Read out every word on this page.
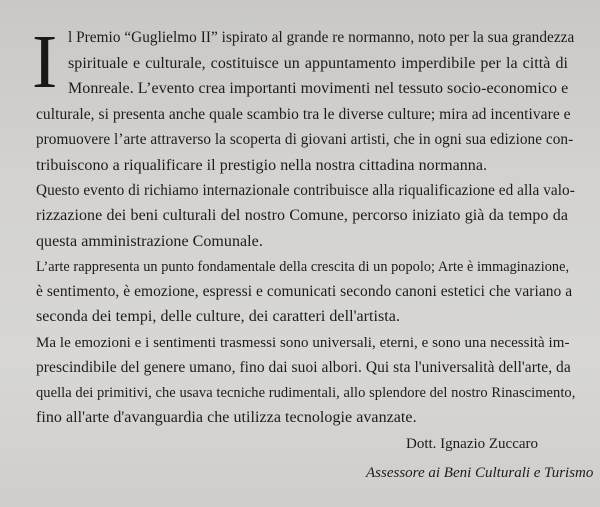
I l Premio “Guglielmo II” ispirato al grande re normanno, noto per la sua grandezza
spirituale e culturale, costituisce un appuntamento imperdibile per la città di
Monreale. L’evento crea importanti movimenti nel tessuto socio-economico e
culturale, si presenta anche quale scambio tra le diverse culture; mira ad incentivare e
promuovere l’arte attraverso la scoperta di giovani artisti, che in ogni sua edizione con-
tribuiscono a riqualificare il prestigio nella nostra cittadina normanna.
Questo evento di richiamo internazionale contribuisce alla riqualificazione ed alla valo-
rizzazione dei beni culturali del nostro Comune, percorso iniziato già da tempo da
questa amministrazione Comunale.
L’arte rappresenta un punto fondamentale della crescita di un popolo; Arte è immaginazione,
è sentimento, è emozione, espressi e comunicati secondo canoni estetici che variano a
seconda dei tempi, delle culture, dei caratteri dell'artista.
Ma le emozioni e i sentimenti trasmessi sono universali, eterni, e sono una necessità im-
prescindibile del genere umano, fino dai suoi albori. Qui sta l'universalità dell'arte, da
quella dei primitivi, che usava tecniche rudimentali, allo splendore del nostro Rinascimento,
fino all'arte d'avanguardia che utilizza tecnologie avanzate.
Dott. Ignazio Zuccaro
Assessore ai Beni Culturali e Turismo
